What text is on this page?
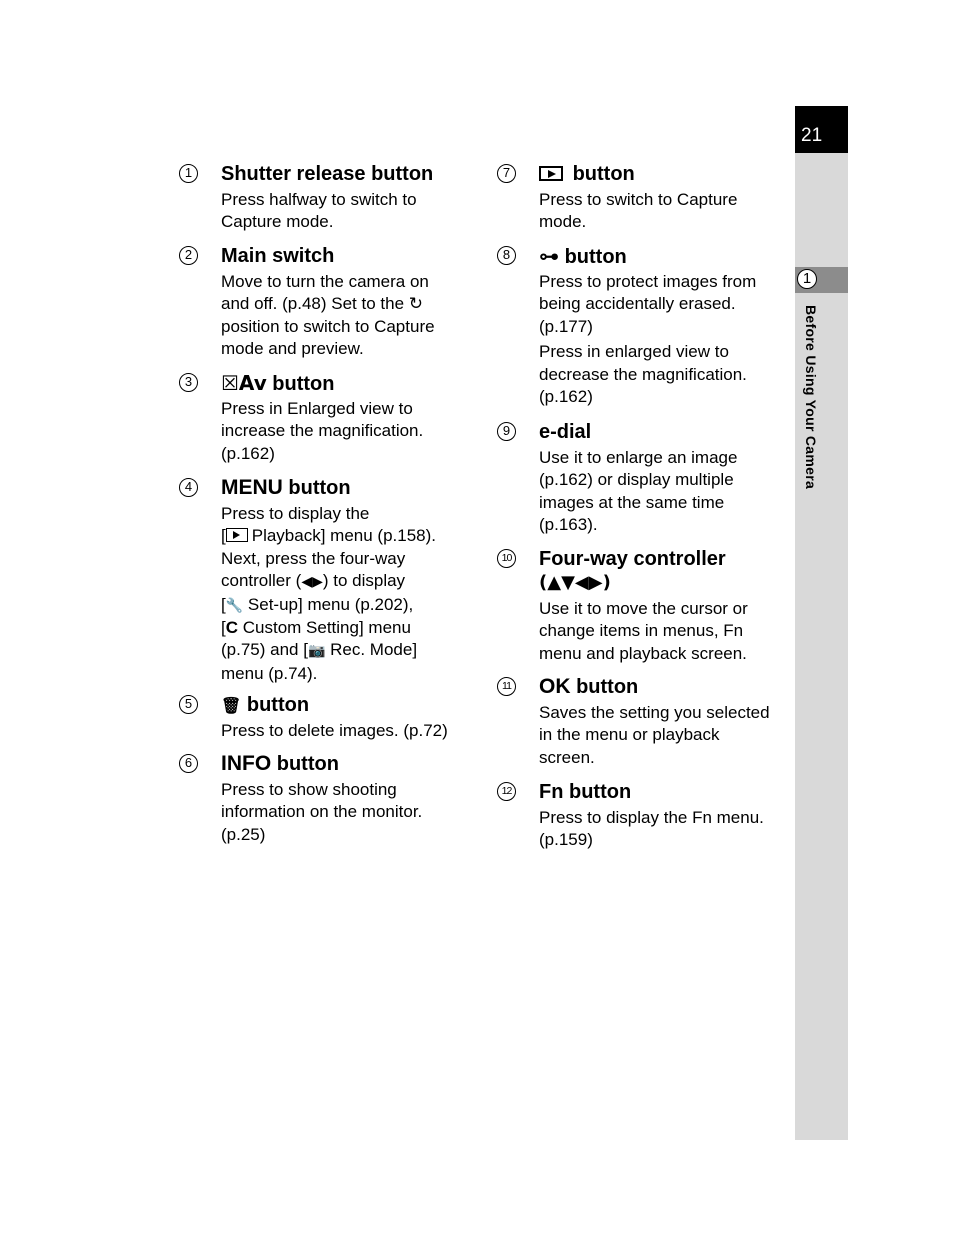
21
1
Before Using Your Camera
1 Shutter release button
Press halfway to switch to
Capture mode.
2 Main switch
Move to turn the camera on
and off. (p.48) Set to the ↻
position to switch to Capture
mode and preview.
3 ☒Av button
Press in Enlarged view to
increase the magnification.
(p.162)
4 MENU button
Press to display the
[ Playback] menu (p.158).
Next, press the four-way
controller (◀▶) to display
[🔧 Set-up] menu (p.202),
[C Custom Setting] menu
(p.75) and [📷 Rec. Mode]
menu (p.74).
5	🗑 button
Press to delete images. (p.72)
6 INFO button
Press to show shooting
information on the monitor.
(p.25)
7	button
Press to switch to Capture
mode.
8 ⊶ button
Press to protect images from
being accidentally erased.
(p.177)
Press in enlarged view to
decrease the magnification.
(p.162)
9 e-dial
Use it to enlarge an image
(p.162) or display multiple
images at the same time
(p.163).
10 Four-way controller
(▲▼◀▶)
Use it to move the cursor or
change items in menus, Fn
menu and playback screen.
11 OK button
Saves the setting you selected
in the menu or playback
screen.
12 Fn button
Press to display the Fn menu.
(p.159)
